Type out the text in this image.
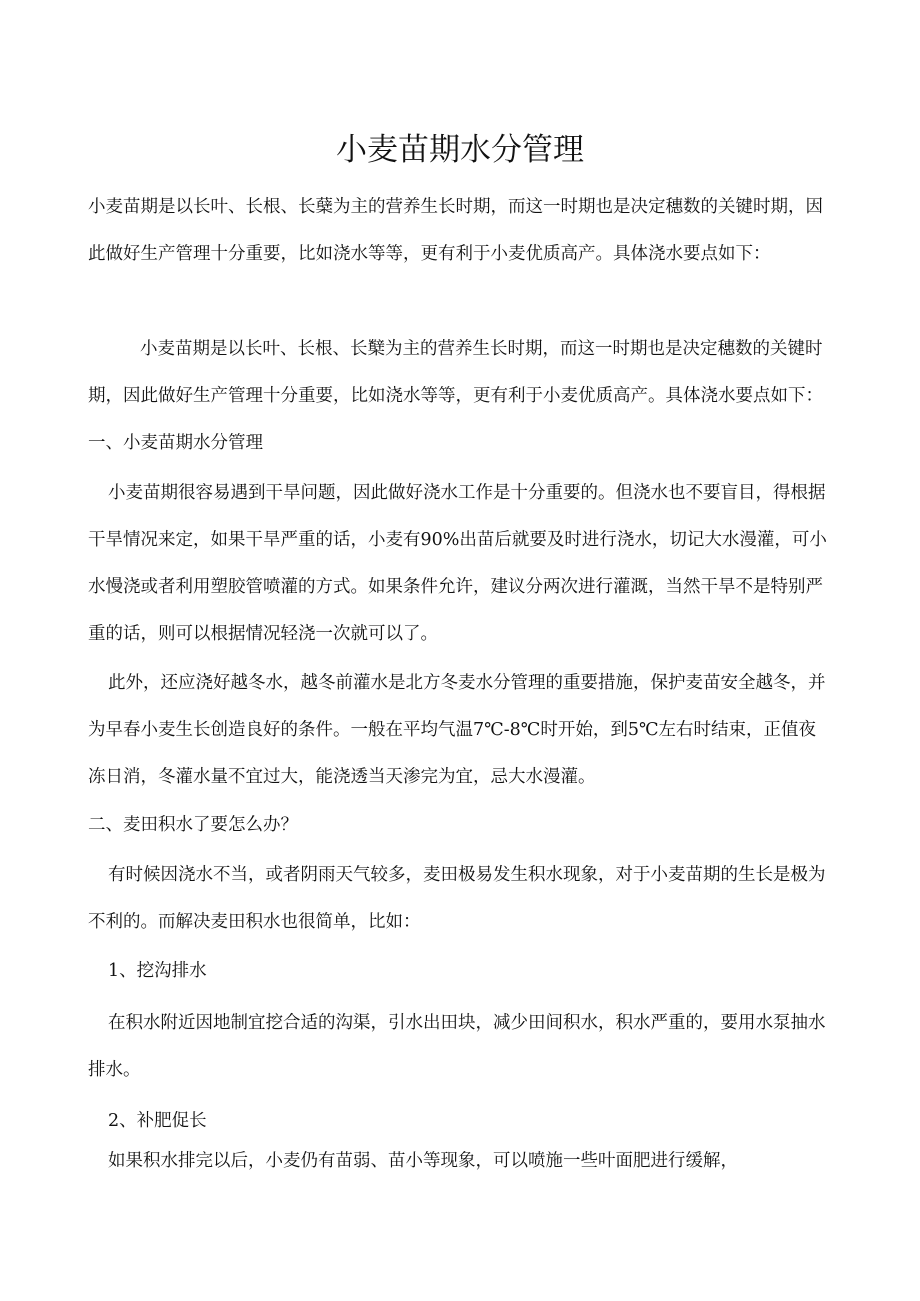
小麦苗期水分管理

小麦苗期是以长叶、长根、长蘖为主的营养生长时期，而这一时期也是决定穗数的关键时期，因此做好生产管理十分重要，比如浇水等等，更有利于小麦优质高产。具体浇水要点如下：

小麦苗期是以长叶、长根、长櫱为主的营养生长时期，而这一时期也是决定穗数的关键时期，因此做好生产管理十分重要，比如浇水等等，更有利于小麦优质高产。具体浇水要点如下：一、小麦苗期水分管理

小麦苗期很容易遇到干旱问题，因此做好浇水工作是十分重要的。但浇水也不要盲目，得根据干旱情况来定，如果干旱严重的话，小麦有90%出苗后就要及时进行浇水，切记大水漫灌，可小水慢浇或者利用塑胶管喷灌的方式。如果条件允许，建议分两次进行灌溉，当然干旱不是特别严重的话，则可以根据情况轻浇一次就可以了。

此外，还应浇好越冬水，越冬前灌水是北方冬麦水分管理的重要措施，保护麦苗安全越冬，并为早春小麦生长创造良好的条件。一般在平均气温7℃-8℃时开始，到5℃左右时结束，正值夜冻日消，冬灌水量不宜过大，能浇透当天渗完为宜，忌大水漫灌。

二、麦田积水了要怎么办？

有时候因浇水不当，或者阴雨天气较多，麦田极易发生积水现象，对于小麦苗期的生长是极为不利的。而解决麦田积水也很简单，比如：

1、挖沟排水

在积水附近因地制宜挖合适的沟渠，引水出田块，减少田间积水，积水严重的，要用水泵抽水排水。

2、补肥促长

如果积水排完以后，小麦仍有苗弱、苗小等现象，可以喷施一些叶面肥进行缓解，
